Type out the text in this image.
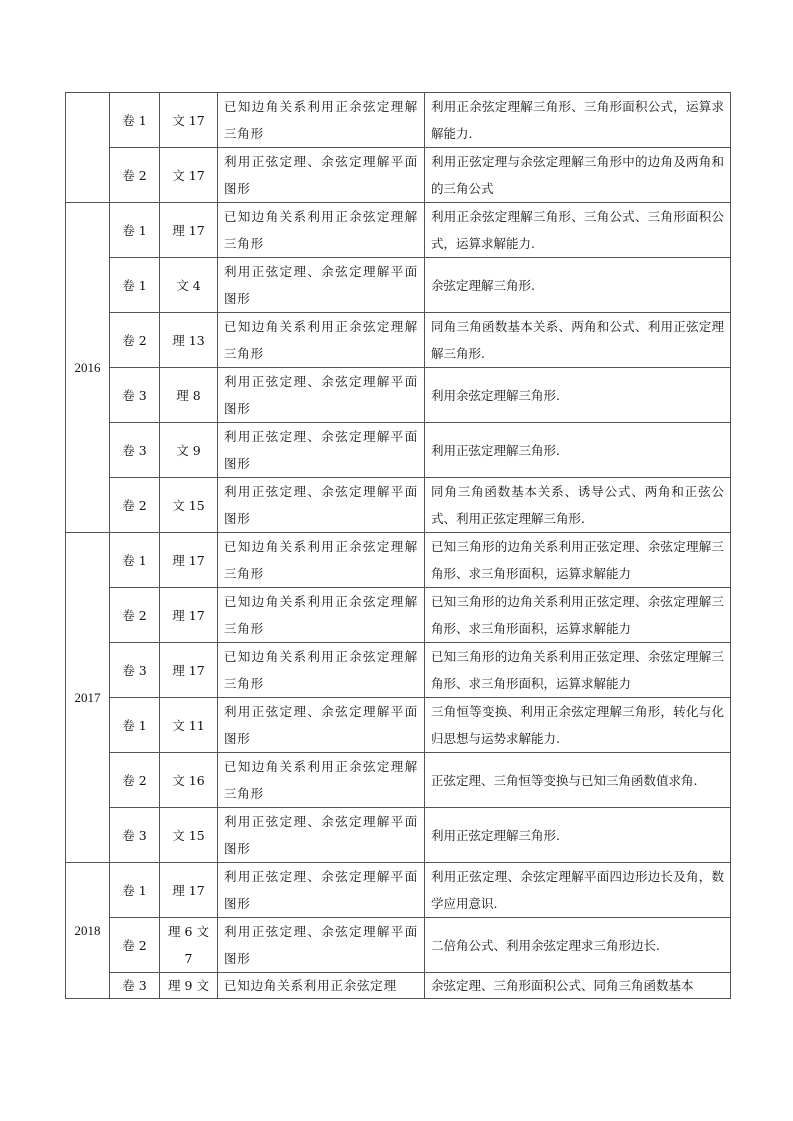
	卷 1	文 17	已知边角关系利用正余弦定理解三角形	利用正余弦定理解三角形、三角形面积公式，运算求解能力.
	卷 2	文 17	利用正弦定理、余弦定理解平面图形	利用正弦定理与余弦定理解三角形中的边角及两角和的三角公式
2016	卷 1	理 17	已知边角关系利用正余弦定理解三角形	利用正余弦定理解三角形、三角公式、三角形面积公式，运算求解能力.
	卷 1	文 4	利用正弦定理、余弦定理解平面图形	余弦定理解三角形.
	卷 2	理 13	已知边角关系利用正余弦定理解三角形	同角三角函数基本关系、两角和公式、利用正弦定理解三角形.
	卷 3	理 8	利用正弦定理、余弦定理解平面图形	利用余弦定理解三角形.
	卷 3	文 9	利用正弦定理、余弦定理解平面图形	利用正弦定理解三角形.
	卷 2	文 15	利用正弦定理、余弦定理解平面图形	同角三角函数基本关系、诱导公式、两角和正弦公式、利用正弦定理解三角形.
2017	卷 1	理 17	已知边角关系利用正余弦定理解三角形	已知三角形的边角关系利用正弦定理、余弦定理解三角形、求三角形面积，运算求解能力
	卷 2	理 17	已知边角关系利用正余弦定理解三角形	已知三角形的边角关系利用正弦定理、余弦定理解三角形、求三角形面积，运算求解能力
	卷 3	理 17	已知边角关系利用正余弦定理解三角形	已知三角形的边角关系利用正弦定理、余弦定理解三角形、求三角形面积，运算求解能力
	卷 1	文 11	利用正弦定理、余弦定理解平面图形	三角恒等变换、利用正余弦定理解三角形，转化与化归思想与运势求解能力.
	卷 2	文 16	已知边角关系利用正余弦定理解三角形	正弦定理、三角恒等变换与已知三角函数值求角.
	卷 3	文 15	利用正弦定理、余弦定理解平面图形	利用正弦定理解三角形.
2018	卷 1	理 17	利用正弦定理、余弦定理解平面图形	利用正弦定理、余弦定理解平面四边形边长及角，数学应用意识.
	卷 2	理 6 文 7	利用正弦定理、余弦定理解平面图形	二倍角公式、利用余弦定理求三角形边长.
	卷 3	理 9 文	已知边角关系利用正余弦定理	余弦定理、三角形面积公式、同角三角函数基本
